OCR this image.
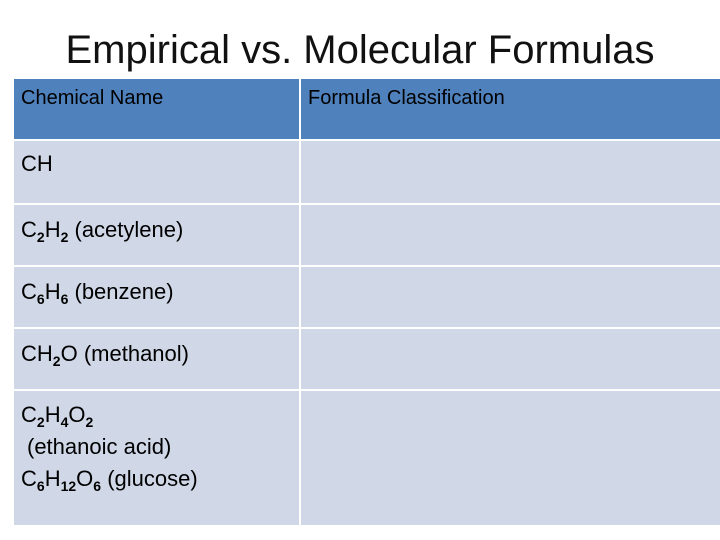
Empirical vs. Molecular Formulas
Chemical Name	Formula Classification
CH	
$C_2H_2$ (acetylene)	
$C_6H_6$ (benzene)	
$CH_2O$ (methanol)	

$C_2H_4O_2$
(ethanoic acid)
$C_6H_{12}O_6$ (glucose)	
